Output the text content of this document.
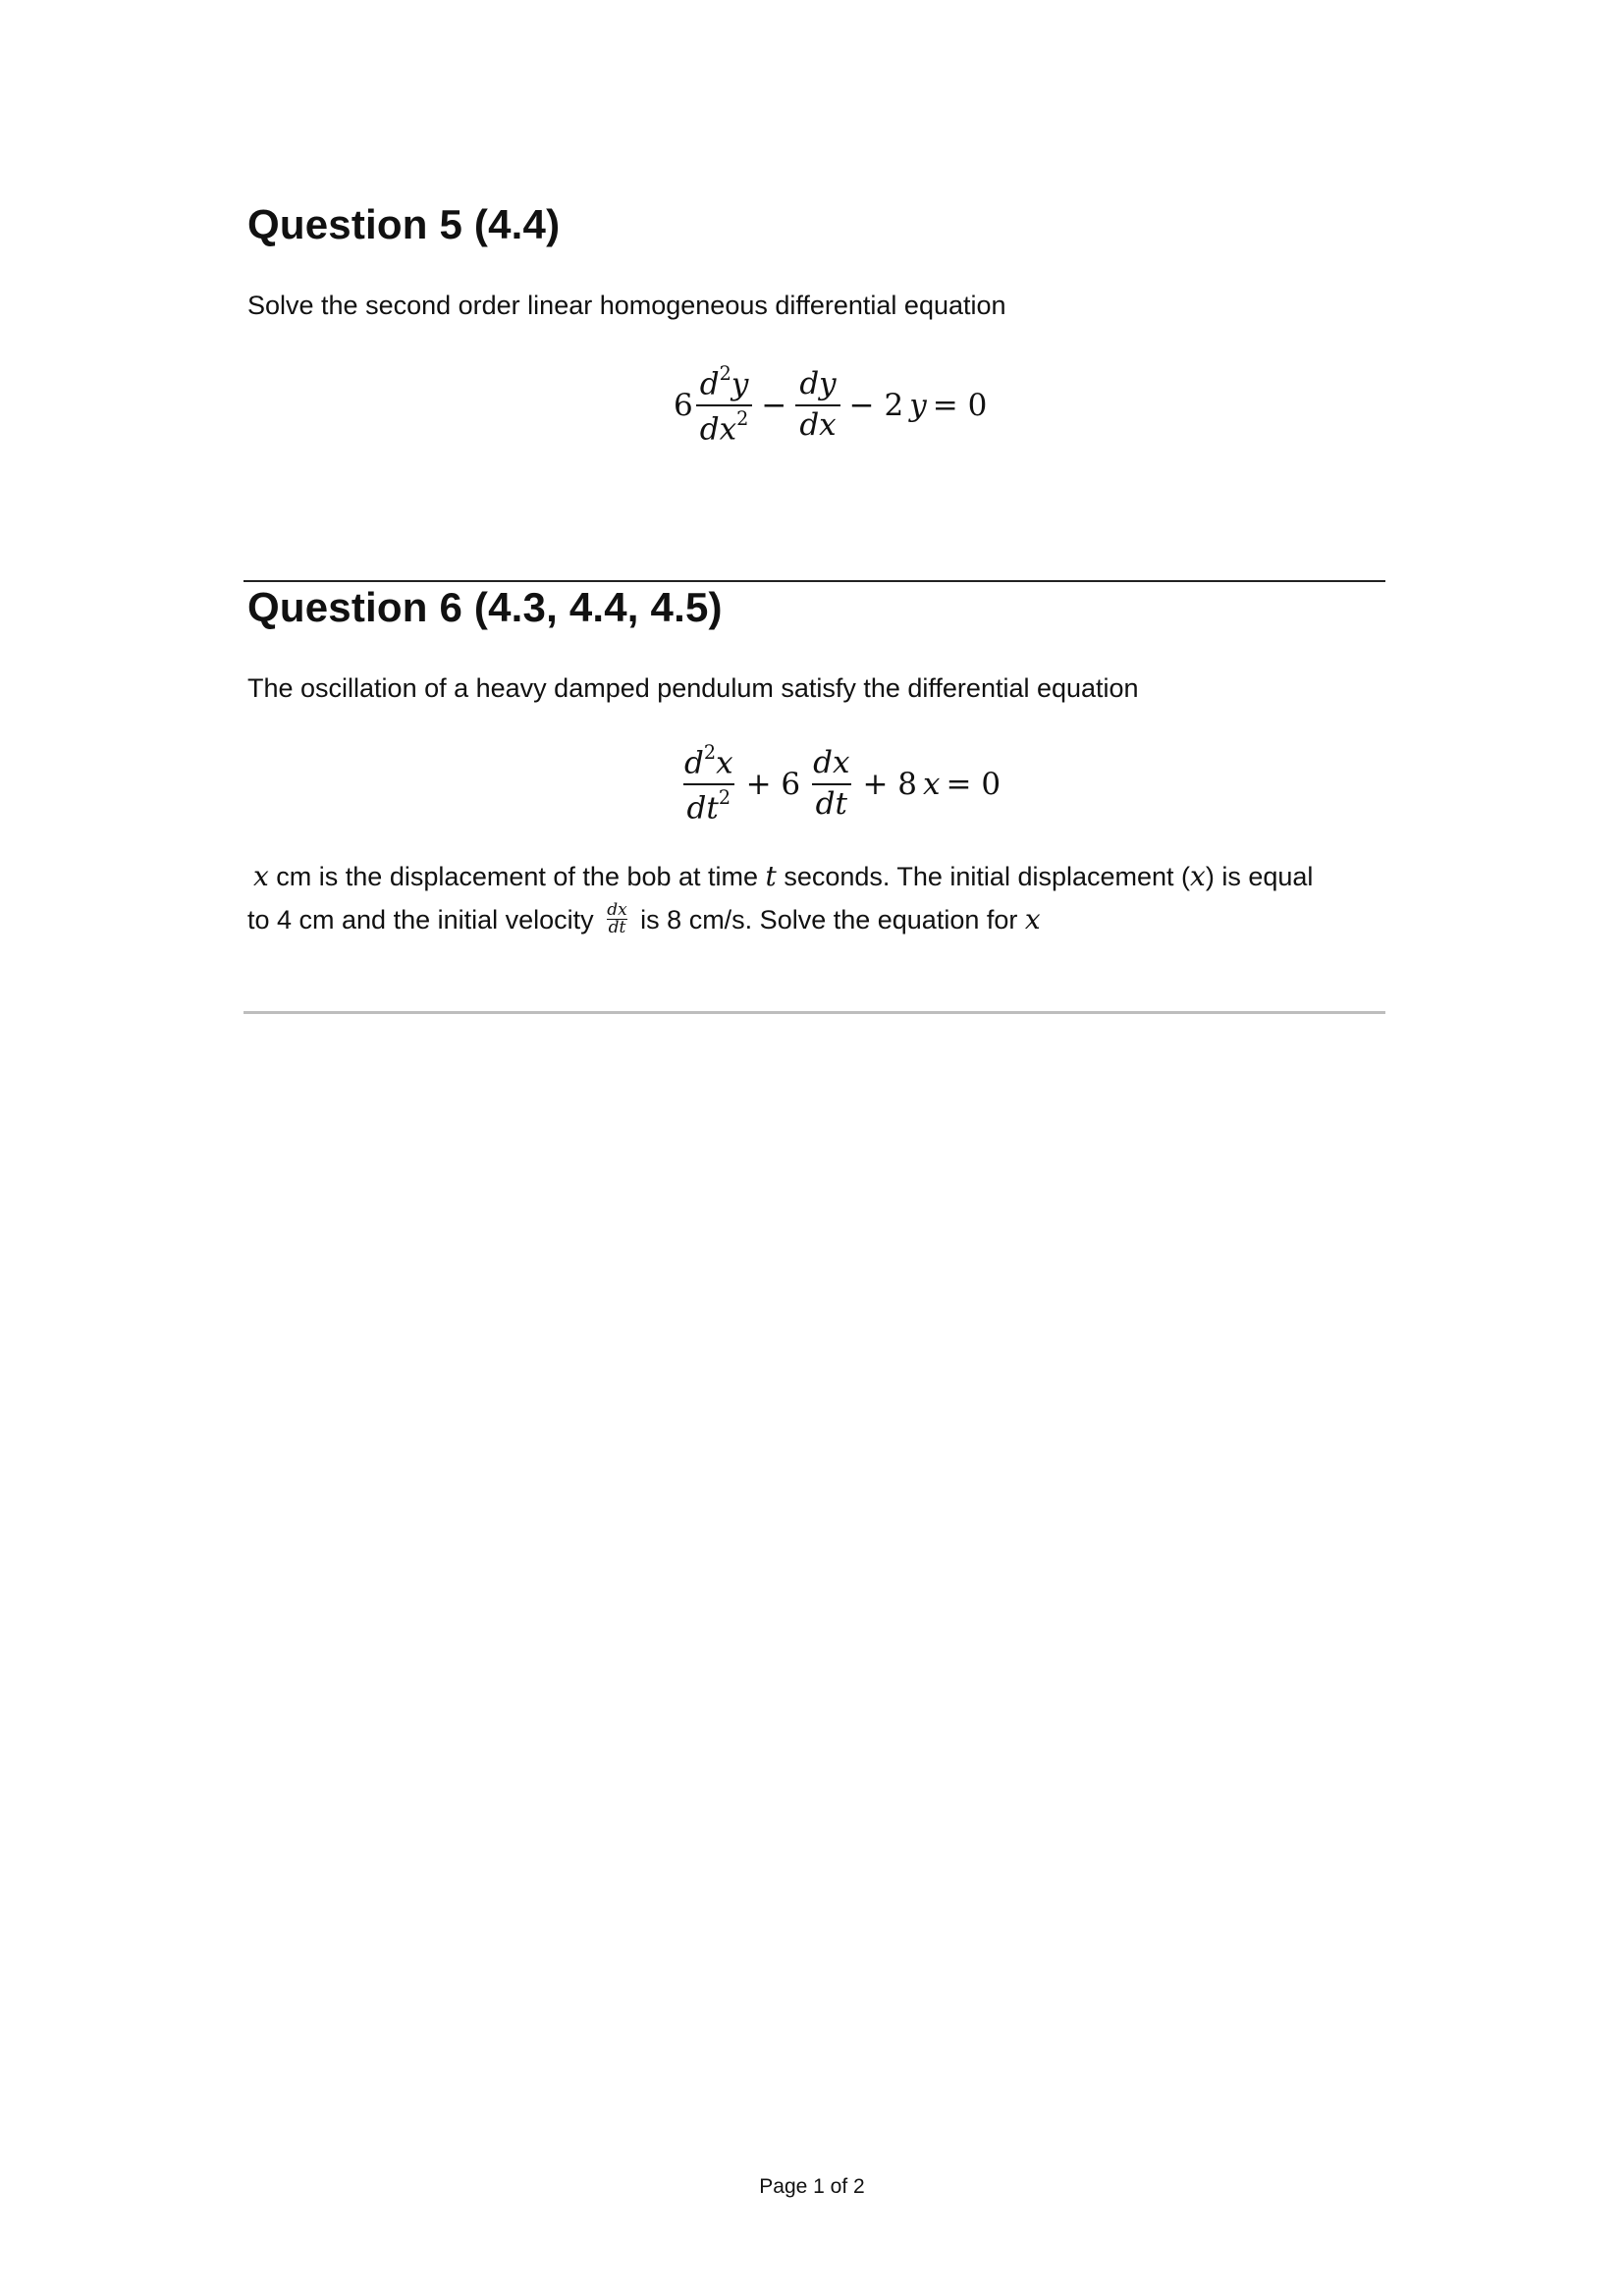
Question 5 (4.4)
Solve the second order linear homogeneous differential equation
$6 \frac{d^2y}{dx^2} - \frac{dy}{dx} - 2$ y = 0
Question 6 (4.3, 4.4, 4.5)
The oscillation of a heavy damped pendulum satisfy the differential equation
$\frac{d^2x}{dt^2} + 6 \frac{dx}{dt} + 8$ x = 0
x cm is the displacement of the bob at time t seconds. The initial displacement (x) is equal
to 4 cm and the initial velocity $\frac{dx}{dt}$ is 8 cm/s. Solve the equation for x
Page 1 of 2
